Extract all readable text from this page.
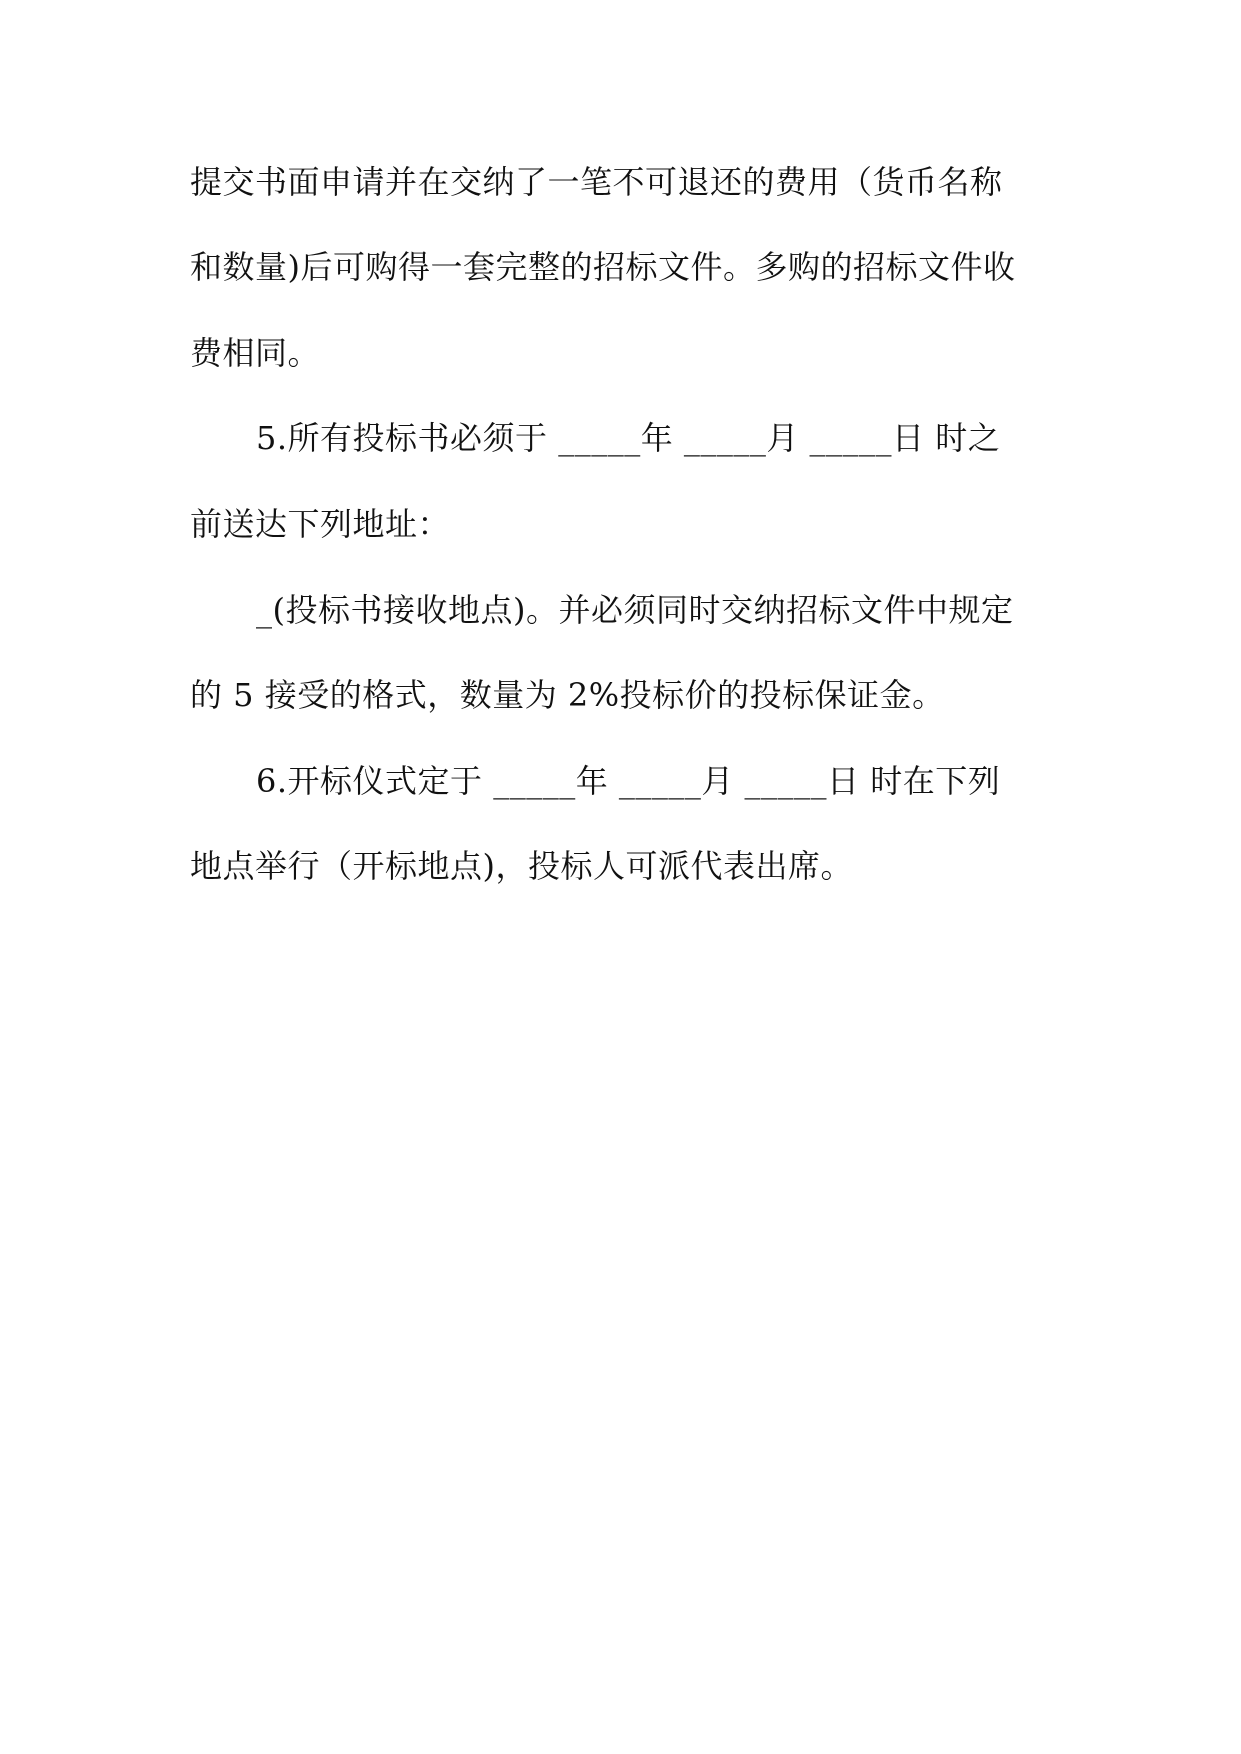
提交书面申请并在交纳了一笔不可退还的费用（货币名称

和数量)后可购得一套完整的招标文件。多购的招标文件收

费相同。

5.所有投标书必须于 _____年 _____月 _____日 时之

前送达下列地址：

_(投标书接收地点)。并必须同时交纳招标文件中规定

的 5 接受的格式，数量为 2%投标价的投标保证金。

6.开标仪式定于 _____年 _____月 _____日 时在下列

地点举行（开标地点)，投标人可派代表出席。
